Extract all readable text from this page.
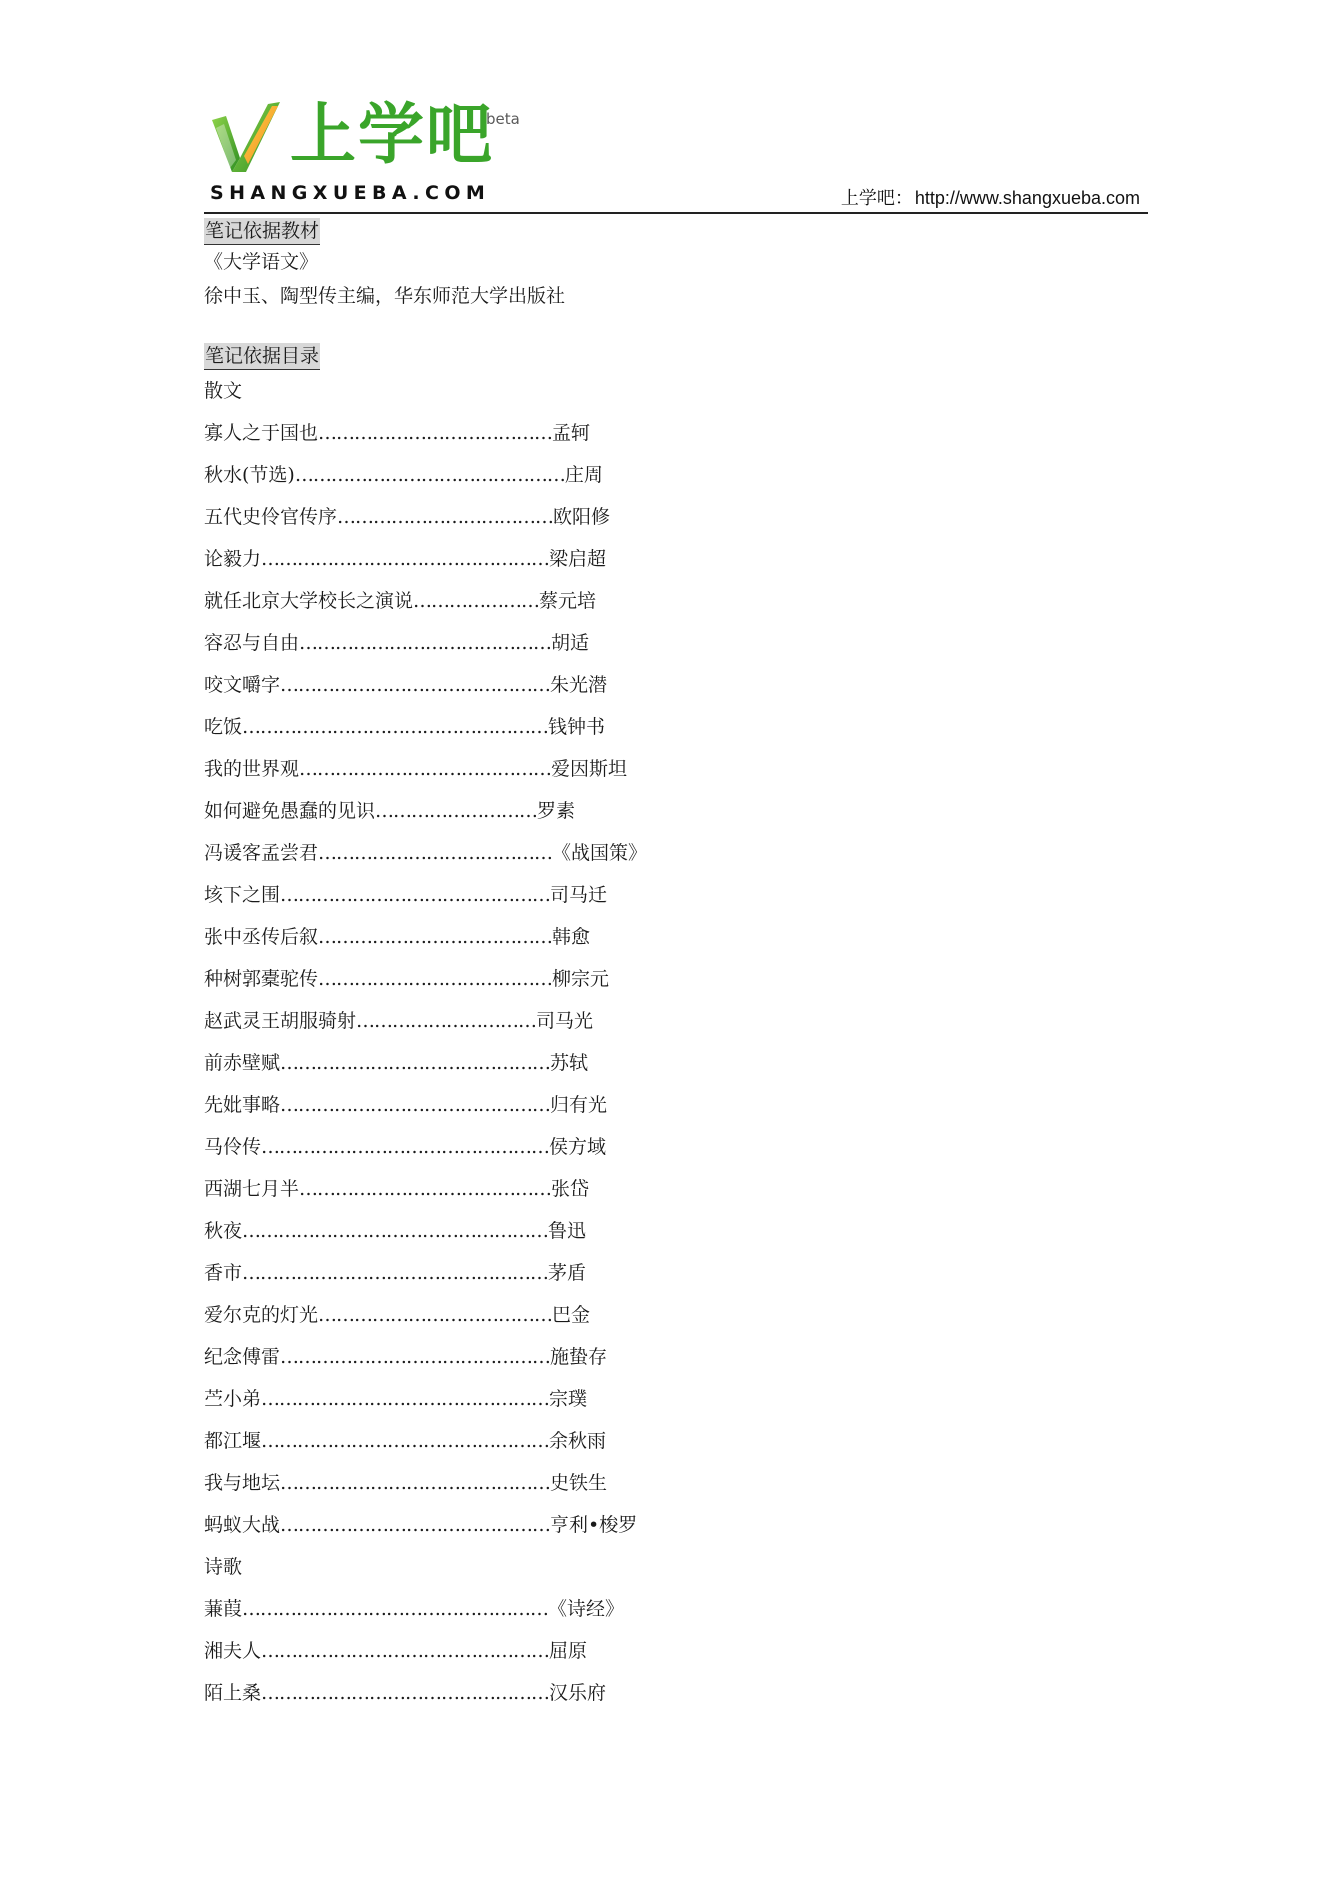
上学吧
beta
SHANGXUEBA.COM	上学吧： http://www.shangxueba.com
笔记依据教材
《大学语文》
徐中玉、陶型传主编，华东师范大学出版社
笔记依据目录
散文
寡人之于国也…………………………………孟轲
秋水(节选)………………………………………庄周
五代史伶官传序………………………………欧阳修
论毅力…………………………………………梁启超
就任北京大学校长之演说…………………蔡元培
容忍与自由……………………………………胡适
咬文嚼字………………………………………朱光潜
吃饭……………………………………………钱钟书
我的世界观……………………………………爱因斯坦
如何避免愚蠢的见识………………………罗素
冯谖客孟尝君…………………………………《战国策》
垓下之围………………………………………司马迁
张中丞传后叙…………………………………韩愈
种树郭橐驼传…………………………………柳宗元
赵武灵王胡服骑射…………………………司马光
前赤壁赋………………………………………苏轼
先妣事略………………………………………归有光
马伶传…………………………………………侯方域
西湖七月半……………………………………张岱
秋夜……………………………………………鲁迅
香市……………………………………………茅盾
爱尔克的灯光…………………………………巴金
纪念傅雷………………………………………施蛰存
苎小弟…………………………………………宗璞
都江堰…………………………………………余秋雨
我与地坛………………………………………史铁生
蚂蚁大战………………………………………亨利•梭罗
诗歌
蒹葭……………………………………………《诗经》
湘夫人…………………………………………屈原
陌上桑…………………………………………汉乐府
